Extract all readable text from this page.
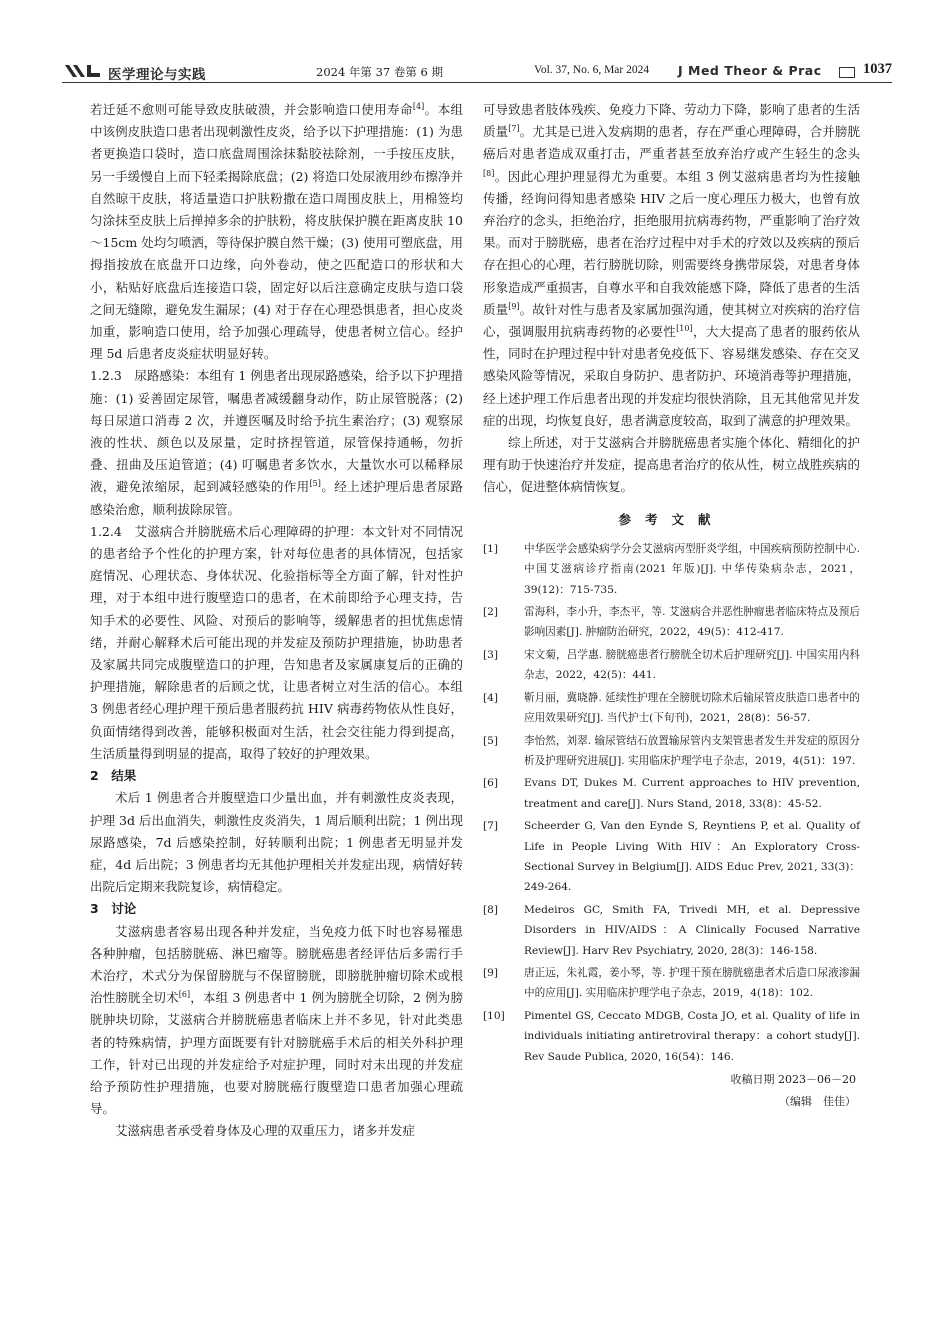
医学理论与实践	2024 年第 37 卷第 6 期	Vol. 37, No. 6, Mar 2024 J Med Theor & Prac	1037

若迁延不愈则可能导致皮肤破溃，并会影响造口使用寿命[4]。本组中该例皮肤造口患者出现刺激性皮炎，给予以下护理措施：(1) 为患者更换造口袋时，造口底盘周围涂抹黏胶祛除剂，一手按压皮肤，另一手缓慢自上而下轻柔揭除底盘；(2) 将造口处尿液用纱布擦净并自然晾干皮肤，将适量造口护肤粉撒在造口周围皮肤上，用棉签均匀涂抹至皮肤上后掸掉多余的护肤粉，将皮肤保护膜在距离皮肤 10～15cm 处均匀喷洒，等待保护膜自然干燥；(3) 使用可塑底盘，用拇指按放在底盘开口边缘，向外卷动，使之匹配造口的形状和大小，粘贴好底盘后连接造口袋，固定好以后注意确定皮肤与造口袋之间无缝隙，避免发生漏尿；(4) 对于存在心理恐惧患者，担心皮炎加重，影响造口使用，给予加强心理疏导，使患者树立信心。经护理 5d 后患者皮炎症状明显好转。

1.2.3　尿路感染：本组有 1 例患者出现尿路感染，给予以下护理措施：(1) 妥善固定尿管，嘱患者减缓翻身动作，防止尿管脱落；(2) 每日尿道口消毒 2 次，并遵医嘱及时给予抗生素治疗；(3) 观察尿液的性状、颜色以及尿量，定时挤捏管道，尿管保持通畅，勿折叠、扭曲及压迫管道；(4) 叮嘱患者多饮水，大量饮水可以稀释尿液，避免浓缩尿，起到减轻感染的作用[5]。经上述护理后患者尿路感染治愈，顺利拔除尿管。

1.2.4　艾滋病合并膀胱癌术后心理障碍的护理：本文针对不同情况的患者给予个性化的护理方案，针对每位患者的具体情况，包括家庭情况、心理状态、身体状况、化验指标等全方面了解，针对性护理，对于本组中进行腹壁造口的患者，在术前即给予心理支持，告知手术的必要性、风险、对预后的影响等，缓解患者的担忧焦虑情绪，并耐心解释术后可能出现的并发症及预防护理措施，协助患者及家属共同完成腹壁造口的护理，告知患者及家属康复后的正确的护理措施，解除患者的后顾之忧，让患者树立对生活的信心。本组 3 例患者经心理护理干预后患者服药抗 HIV 病毒药物依从性良好，负面情绪得到改善，能够积极面对生活，社会交往能力得到提高，生活质量得到明显的提高，取得了较好的护理效果。

2　结果

术后 1 例患者合并腹壁造口少量出血，并有刺激性皮炎表现，护理 3d 后出血消失，刺激性皮炎消失，1 周后顺利出院；1 例出现尿路感染，7d 后感染控制，好转顺利出院；1 例患者无明显并发症，4d 后出院；3 例患者均无其他护理相关并发症出现，病情好转出院后定期来我院复诊，病情稳定。

3　讨论

艾滋病患者容易出现各种并发症，当免疫力低下时也容易罹患各种肿瘤，包括膀胱癌、淋巴瘤等。膀胱癌患者经评估后多需行手术治疗，术式分为保留膀胱与不保留膀胱，即膀胱肿瘤切除术或根治性膀胱全切术[6]，本组 3 例患者中 1 例为膀胱全切除，2 例为膀胱肿块切除，艾滋病合并膀胱癌患者临床上并不多见，针对此类患者的特殊病情，护理方面既要有针对膀胱癌手术后的相关外科护理工作，针对已出现的并发症给予对症护理，同时对未出现的并发症给予预防性护理措施，也要对膀胱癌行腹壁造口患者加强心理疏导。

艾滋病患者承受着身体及心理的双重压力，诸多并发症

可导致患者肢体残疾、免疫力下降、劳动力下降，影响了患者的生活质量[7]。尤其是已进入发病期的患者，存在严重心理障碍，合并膀胱癌后对患者造成双重打击，严重者甚至放弃治疗或产生轻生的念头[8]。因此心理护理显得尤为重要。本组 3 例艾滋病患者均为性接触传播，经询问得知患者感染 HIV 之后一度心理压力极大，也曾有放弃治疗的念头，拒绝治疗，拒绝服用抗病毒药物，严重影响了治疗效果。而对于膀胱癌，患者在治疗过程中对手术的疗效以及疾病的预后存在担心的心理，若行膀胱切除，则需要终身携带尿袋，对患者身体形象造成严重损害，自尊水平和自我效能感下降，降低了患者的生活质量[9]。故针对性与患者及家属加强沟通，使其树立对疾病的治疗信心，强调服用抗病毒药物的必要性[10]，大大提高了患者的服药依从性，同时在护理过程中针对患者免疫低下、容易继发感染、存在交叉感染风险等情况，采取自身防护、患者防护、环境消毒等护理措施，经上述护理工作后患者出现的并发症均很快消除，且无其他常见并发症的出现，均恢复良好，患者满意度较高，取到了满意的护理效果。

综上所述，对于艾滋病合并膀胱癌患者实施个体化、精细化的护理有助于快速治疗并发症，提高患者治疗的依从性，树立战胜疾病的信心，促进整体病情恢复。

参考文献
[1] 中华医学会感染病学分会艾滋病丙型肝炎学组，中国疾病预防控制中心. 中国艾滋病诊疗指南(2021 年版)[J]. 中华传染病杂志，2021，39(12)：715-735.
[2] 雷海科，李小升，李杰平，等. 艾滋病合并恶性肿瘤患者临床特点及预后影响因素[J]. 肿瘤防治研究，2022，49(5)：412-417.
[3] 宋文菊，吕学惠. 膀胱癌患者行膀胱全切术后护理研究[J]. 中国实用内科杂志，2022，42(5)：441.
[4] 靳月丽，冀晓静. 延续性护理在全膀胱切除术后输尿管皮肤造口患者中的应用效果研究[J]. 当代护士(下旬刊)，2021，28(8)：56-57.
[5] 李怡然，刘翠. 输尿管结石放置输尿管内支架管患者发生并发症的原因分析及护理研究进展[J]. 实用临床护理学电子杂志，2019，4(51)：197.
[6] Evans DT, Dukes M. Current approaches to HIV prevention, treatment and care[J]. Nurs Stand, 2018, 33(8)：45-52.
[7] Scheerder G, Van den Eynde S, Reyntiens P, et al. Quality of Life in People Living With HIV：An Exploratory Cross-Sectional Survey in Belgium[J]. AIDS Educ Prev, 2021, 33(3)：249-264.
[8] Medeiros GC, Smith FA, Trivedi MH, et al. Depressive Disorders in HIV/AIDS：A Clinically Focused Narrative Review[J]. Harv Rev Psychiatry, 2020, 28(3)：146-158.
[9] 唐正远，朱礼霞，姜小琴，等. 护理干预在膀胱癌患者术后造口尿液渗漏中的应用[J]. 实用临床护理学电子杂志，2019，4(18)：102.
[10] Pimentel GS, Ceccato MDGB, Costa JO, et al. Quality of life in individuals initiating antiretroviral therapy：a cohort study[J]. Rev Saude Publica, 2020, 16(54)：146.
收稿日期 2023－06－20
（编辑　佳佳）
